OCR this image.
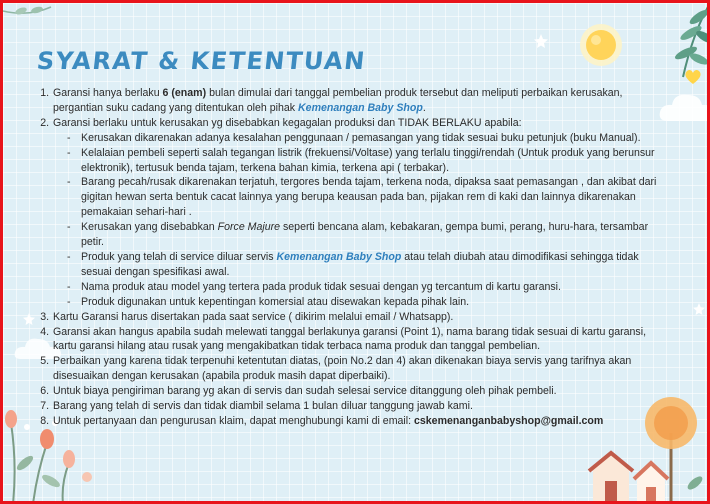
SYARAT & KETENTUAN
1. Garansi hanya berlaku 6 (enam) bulan dimulai dari tanggal pembelian produk tersebut dan meliputi perbaikan kerusakan, pergantian suku cadang yang ditentukan oleh pihak Kemenangan Baby Shop.
2. Garansi berlaku untuk kerusakan yg disebabkan kegagalan produksi dan TIDAK BERLAKU apabila:
- Kerusakan dikarenakan adanya kesalahan penggunaan / pemasangan yang tidak sesuai buku petunjuk (buku Manual).
- Kelalaian pembeli seperti salah tegangan listrik (frekuensi/Voltase) yang terlalu tinggi/rendah (Untuk produk yang berunsur elektronik), tertusuk benda tajam, terkena bahan kimia, terkena api ( terbakar).
- Barang pecah/rusak dikarenakan terjatuh, tergores benda tajam, terkena noda, dipaksa saat pemasangan , dan akibat dari gigitan hewan serta bentuk cacat lainnya yang berupa keausan pada ban, pijakan rem di kaki dan lainnya dikarenakan pemakaian sehari-hari .
- Kerusakan yang disebabkan Force Majure seperti bencana alam, kebakaran, gempa bumi, perang, huru-hara, tersambar petir.
- Produk yang telah di service diluar servis Kemenangan Baby Shop atau telah diubah atau dimodifikasi sehingga tidak sesuai dengan spesifikasi awal.
- Nama produk atau model yang tertera pada produk tidak sesuai dengan yg tercantum di kartu garansi.
- Produk digunakan untuk kepentingan komersial atau disewakan kepada pihak lain.
3. Kartu Garansi harus disertakan pada saat service ( dikirim melalui email / Whatsapp).
4. Garansi akan hangus apabila sudah melewati tanggal berlakunya garansi (Point 1), nama barang tidak sesuai di kartu garansi, kartu garansi hilang atau rusak yang mengakibatkan tidak terbaca nama produk dan tanggal pembelian.
5. Perbaikan yang karena tidak terpenuhi ketentutan diatas, (poin No.2 dan 4) akan dikenakan biaya servis yang tarifnya akan disesuaikan dengan kerusakan (apabila produk masih dapat diperbaiki).
6. Untuk biaya pengiriman barang yg akan di servis dan sudah selesai service ditanggung oleh pihak pembeli.
7. Barang yang telah di servis dan tidak diambil selama 1 bulan diluar tanggung jawab kami.
8. Untuk pertanyaan dan pengurusan klaim, dapat menghubungi kami di email: cskemenanganbabyshop@gmail.com
